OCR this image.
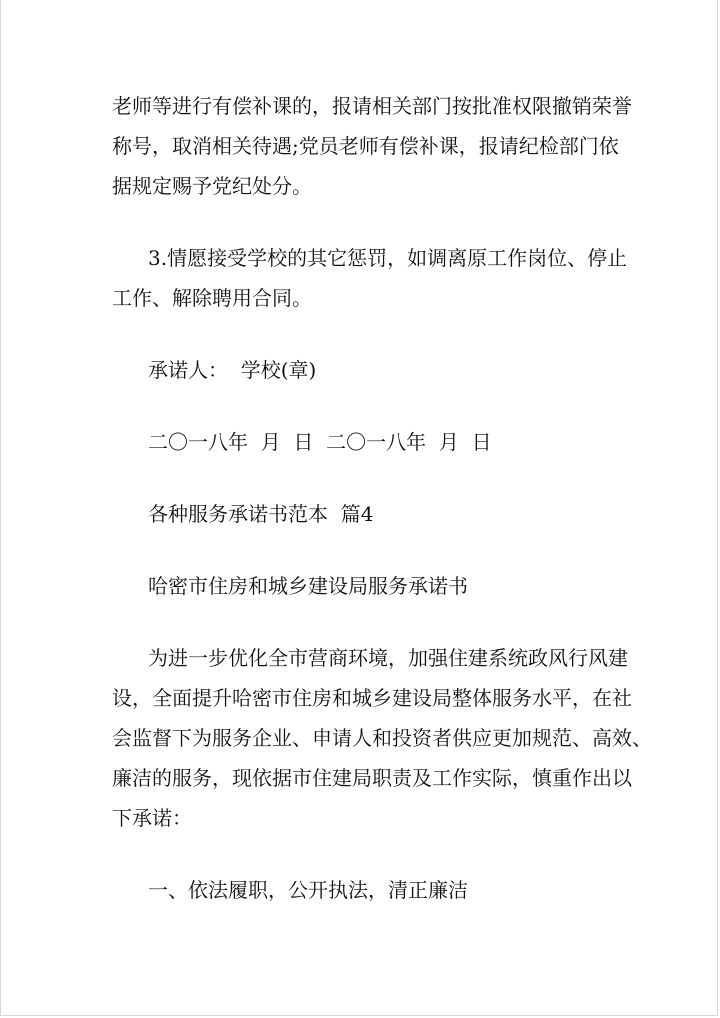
老师等进行有偿补课的，报请相关部门按批准权限撤销荣誉
称号，取消相关待遇;党员老师有偿补课，报请纪检部门依
据规定赐予党纪处分。
3.情愿接受学校的其它惩罚，如调离原工作岗位、停止
工作、解除聘用合同。
承诺人：  学校(章)
二〇一八年  月  日  二〇一八年  月  日
各种服务承诺书范本  篇4
哈密市住房和城乡建设局服务承诺书
为进一步优化全市营商环境，加强住建系统政风行风建
设，全面提升哈密市住房和城乡建设局整体服务水平，在社
会监督下为服务企业、申请人和投资者供应更加规范、高效、
廉洁的服务，现依据市住建局职责及工作实际，慎重作出以
下承诺：
一、依法履职，公开执法，清正廉洁
